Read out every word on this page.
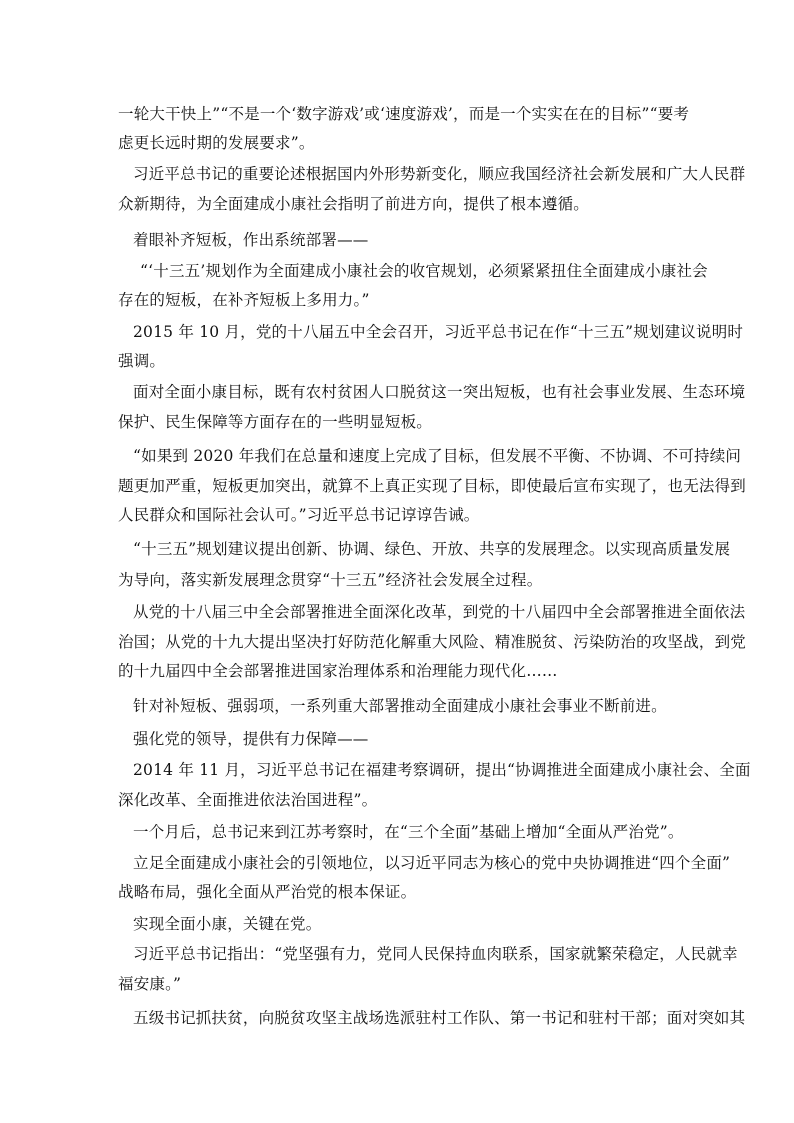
一轮大干快上”“不是一个‘数字游戏’或‘速度游戏’，而是一个实实在在的目标”“要考
虑更长远时期的发展要求”。
习近平总书记的重要论述根据国内外形势新变化，顺应我国经济社会新发展和广大人民群
众新期待，为全面建成小康社会指明了前进方向，提供了根本遵循。
着眼补齐短板，作出系统部署——
“‘十三五’规划作为全面建成小康社会的收官规划，必须紧紧扭住全面建成小康社会
存在的短板，在补齐短板上多用力。”
2015 年 10 月，党的十八届五中全会召开，习近平总书记在作“十三五”规划建议说明时
强调。
面对全面小康目标，既有农村贫困人口脱贫这一突出短板，也有社会事业发展、生态环境
保护、民生保障等方面存在的一些明显短板。
“如果到 2020 年我们在总量和速度上完成了目标，但发展不平衡、不协调、不可持续问
题更加严重，短板更加突出，就算不上真正实现了目标，即使最后宣布实现了，也无法得到
人民群众和国际社会认可。”习近平总书记谆谆告诫。
“十三五”规划建议提出创新、协调、绿色、开放、共享的发展理念。以实现高质量发展
为导向，落实新发展理念贯穿“十三五”经济社会发展全过程。
从党的十八届三中全会部署推进全面深化改革，到党的十八届四中全会部署推进全面依法
治国；从党的十九大提出坚决打好防范化解重大风险、精准脱贫、污染防治的攻坚战，到党
的十九届四中全会部署推进国家治理体系和治理能力现代化……
针对补短板、强弱项，一系列重大部署推动全面建成小康社会事业不断前进。
强化党的领导，提供有力保障——
2014 年 11 月，习近平总书记在福建考察调研，提出“协调推进全面建成小康社会、全面
深化改革、全面推进依法治国进程”。
一个月后，总书记来到江苏考察时，在“三个全面”基础上增加“全面从严治党”。
立足全面建成小康社会的引领地位，以习近平同志为核心的党中央协调推进“四个全面”
战略布局，强化全面从严治党的根本保证。
实现全面小康，关键在党。
习近平总书记指出：“党坚强有力，党同人民保持血肉联系，国家就繁荣稳定，人民就幸
福安康。”
五级书记抓扶贫，向脱贫攻坚主战场选派驻村工作队、第一书记和驻村干部；面对突如其
